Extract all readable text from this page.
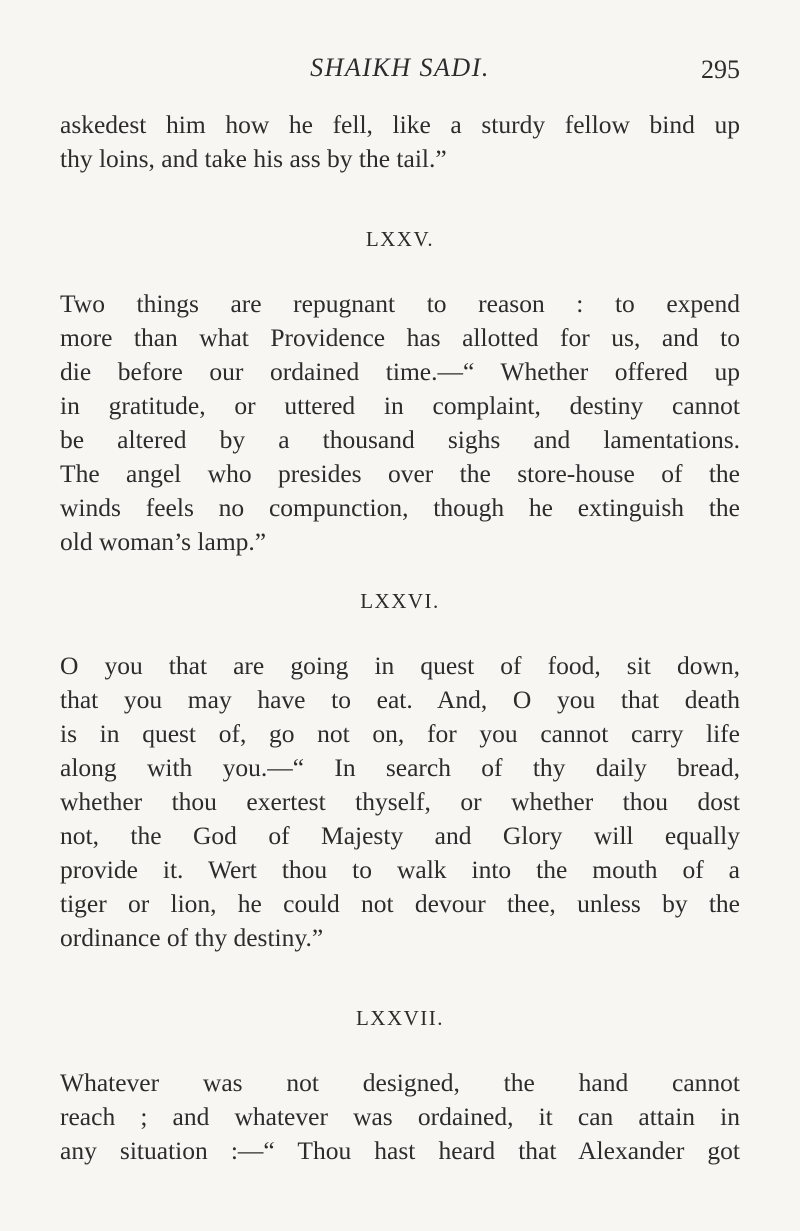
SHAIKH SADI.	295
askedest him how he fell, like a sturdy fellow bind up
thy loins, and take his ass by the tail.”
LXXV.
Two things are repugnant to reason : to expend
more than what Providence has allotted for us, and to
die before our ordained time.—“ Whether offered up
in gratitude, or uttered in complaint, destiny cannot
be altered by a thousand sighs and lamentations.
The angel who presides over the store-house of the
winds feels no compunction, though he extinguish the
old woman’s lamp.”
LXXVI.
O you that are going in quest of food, sit down,
that you may have to eat. And, O you that death
is in quest of, go not on, for you cannot carry life
along with you.—“ In search of thy daily bread,
whether thou exertest thyself, or whether thou dost
not, the God of Majesty and Glory will equally
provide it. Wert thou to walk into the mouth of a
tiger or lion, he could not devour thee, unless by the
ordinance of thy destiny.”
LXXVII.
Whatever was not designed, the hand cannot
reach ; and whatever was ordained, it can attain in
any situation :—“ Thou hast heard that Alexander got
